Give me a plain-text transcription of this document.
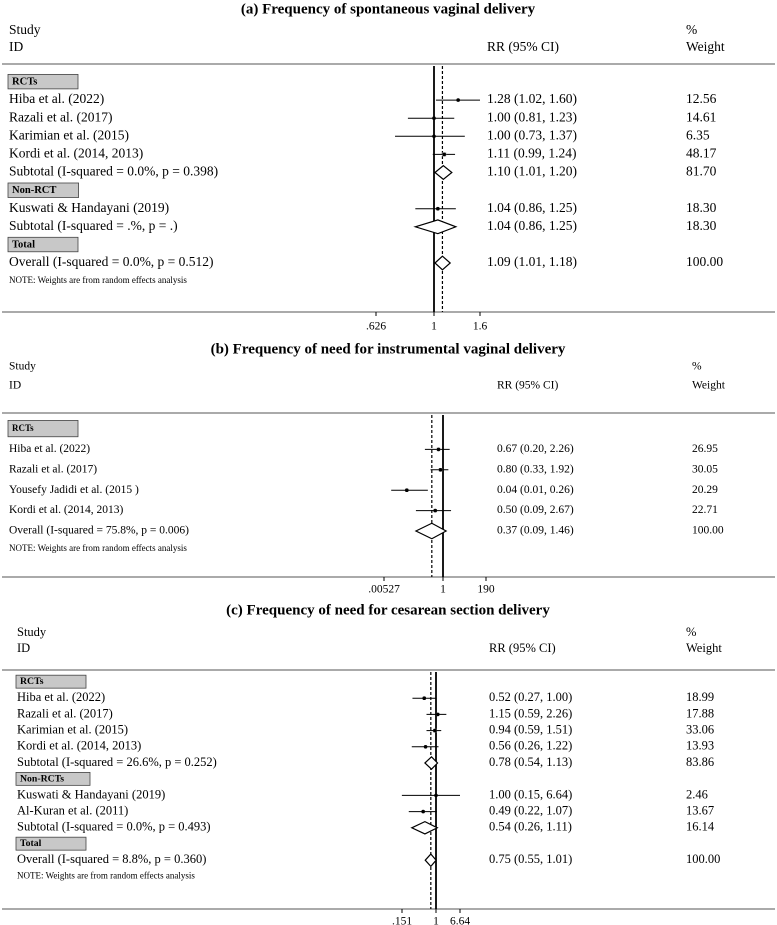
(a) Frequency of spontaneous vaginal delivery
Study
ID	RR (95% CI)
%
Weight
RCTs
Hiba et al. (2022)	1.28 (1.02, 1.60)	12.56
Razali et al. (2017)	1.00 (0.81, 1.23)	14.61
Karimian et al. (2015)	1.00 (0.73, 1.37)	6.35
Kordi et al. (2014, 2013)	1.11 (0.99, 1.24)	48.17
Subtotal (I-squared = 0.0%, p = 0.398)	1.10 (1.01, 1.20)	81.70
Non-RCT
Kuswati & Handayani (2019)	1.04 (0.86, 1.25)	18.30
Subtotal (I-squared = .%, p = .)	1.04 (0.86, 1.25)	18.30
Total
Overall (I-squared = 0.0%, p = 0.512)	1.09 (1.01, 1.18)	100.00
NOTE: Weights are from random effects analysis
.626	1	1.6
(b) Frequency of need for instrumental vaginal delivery
Study
ID	RR (95% CI)
%
Weight
RCTs
Hiba et al. (2022)	0.67 (0.20, 2.26)	26.95
Razali et al. (2017)	0.80 (0.33, 1.92)	30.05
Yousefy Jadidi et al. (2015 )	0.04 (0.01, 0.26)	20.29
Kordi et al. (2014, 2013)	0.50 (0.09, 2.67)	22.71
Overall (I-squared = 75.8%, p = 0.006)	0.37 (0.09, 1.46)	100.00
NOTE: Weights are from random effects analysis
.00527	1	190
(c) Frequency of need for cesarean section delivery
Study
ID	RR (95% CI)
%
Weight
RCTs
Hiba et al. (2022)	0.52 (0.27, 1.00)	18.99
Razali et al. (2017)	1.15 (0.59, 2.26)	17.88
Karimian et al. (2015)	0.94 (0.59, 1.51)	33.06
Kordi et al. (2014, 2013)	0.56 (0.26, 1.22)	13.93
Subtotal (I-squared = 26.6%, p = 0.252)	0.78 (0.54, 1.13)	83.86
Non-RCTs
Kuswati & Handayani (2019)	1.00 (0.15, 6.64)	2.46
Al-Kuran et al. (2011)	0.49 (0.22, 1.07)	13.67
Subtotal (I-squared = 0.0%, p = 0.493)	0.54 (0.26, 1.11)	16.14
Total
Overall (I-squared = 8.8%, p = 0.360)	0.75 (0.55, 1.01)	100.00
NOTE: Weights are from random effects analysis
.151 1 6.64
